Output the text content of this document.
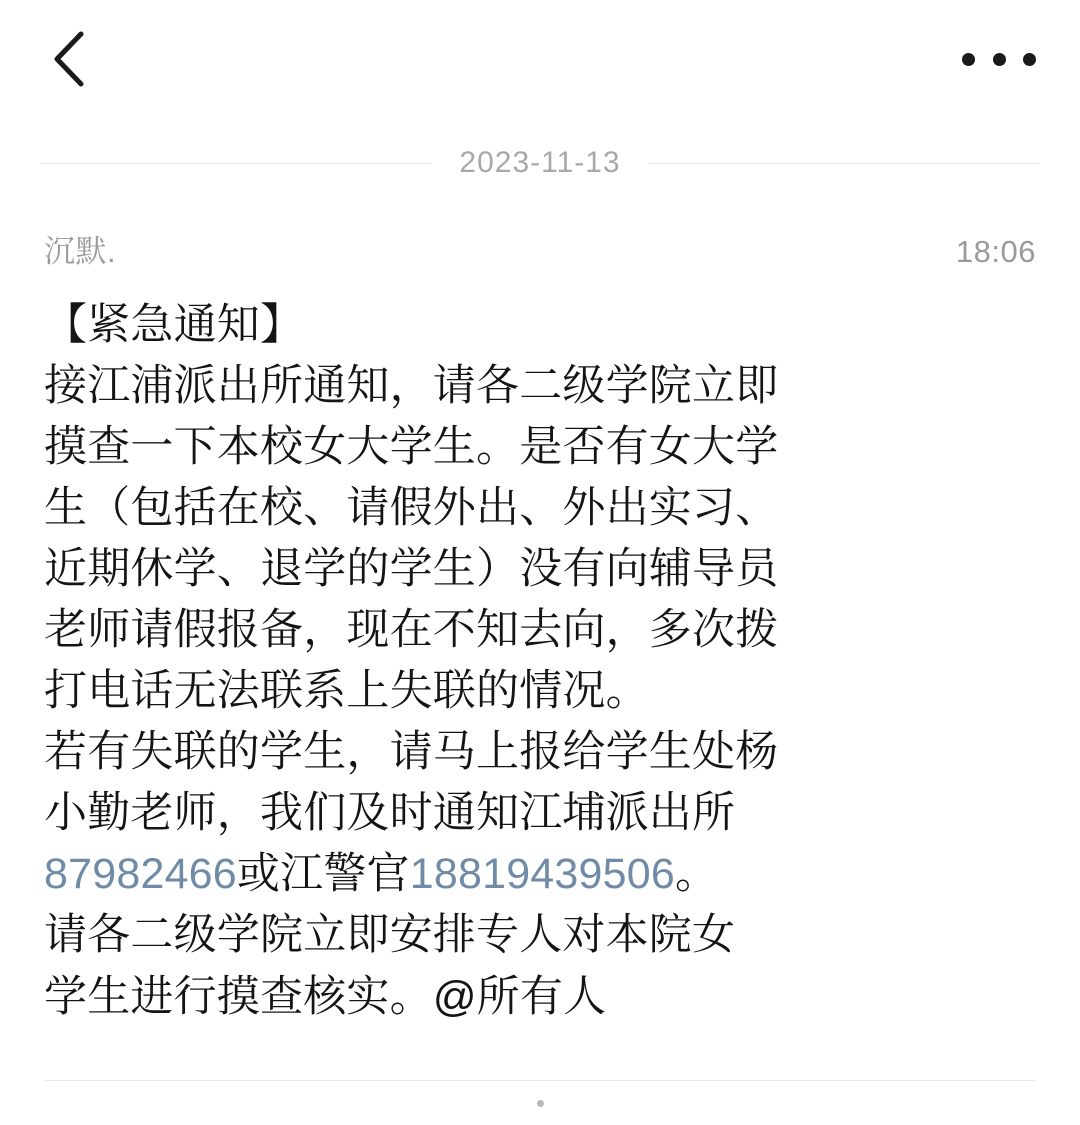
2023-11-13
沉默.	18:06
【紧急通知】
接江浦派出所通知，请各二级学院立即
摸查一下本校女大学生。是否有女大学
生（包括在校、请假外出、外出实习、
近期休学、退学的学生）没有向辅导员
老师请假报备，现在不知去向，多次拨
打电话无法联系上失联的情况。
若有失联的学生，请马上报给学生处杨
小勤老师，我们及时通知江埔派出所
87982466或江警官18819439506。
请各二级学院立即安排专人对本院女
学生进行摸查核实。@所有人
